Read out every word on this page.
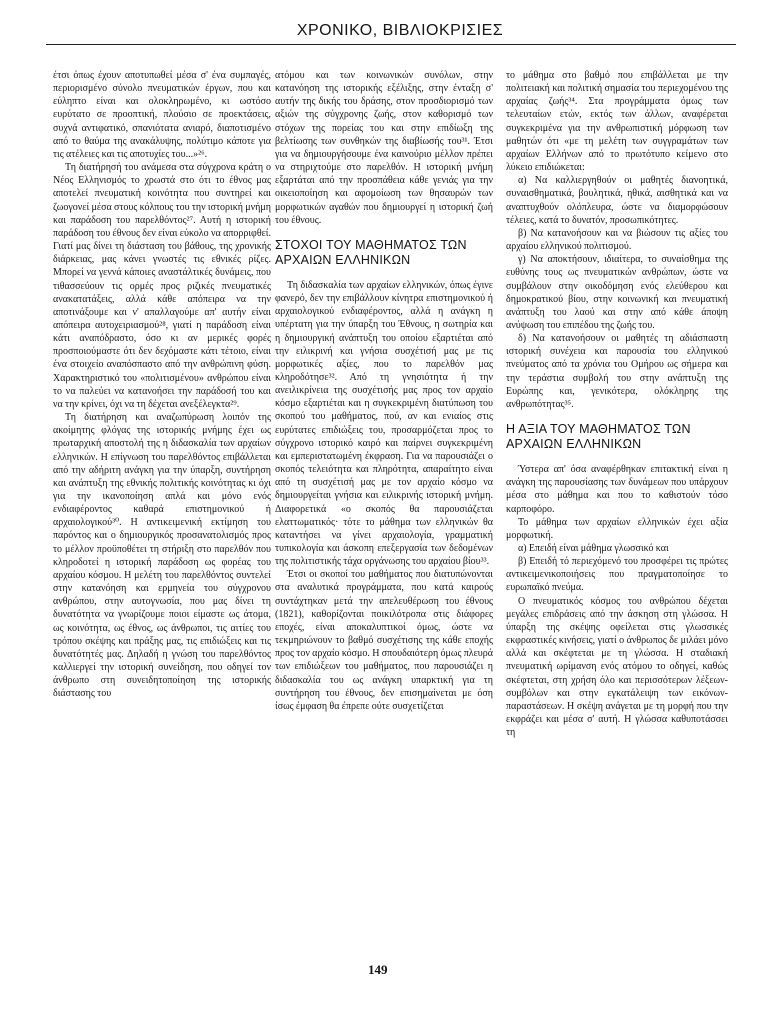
ΧΡΟΝΙΚΟ, ΒΙΒΛΙΟΚΡΙΣΙΕΣ

έτσι όπως έχουν αποτυπωθεί μέσα σ' ένα συμπαγές, περιορισμένο σύνολο πνευματικών έργων, που και εύληπτο είναι και ολοκληρωμένο, κι ωστόσο ευρύτατο σε προοπτική, πλούσιο σε προεκτάσεις, συχνά αντιφατικό, σπανιότατα ανιαρό, διαποτισμένο από το θαύμα της ανακάλυψης, πολύτιμο κάποτε για τις ατέλειες και τις αποτυχίες του...»²⁶.

Τη διατήρησή του ανάμεσα στα σύγχρονα κράτη ο Νέος Ελληνισμός το χρωστά στο ότι το έθνος μας αποτελεί πνευματική κοινότητα που συντηρεί και ζωογονεί μέσα στους κόλπους του την ιστορική μνήμη και παράδοση του παρελθόντος²⁷. Αυτή η ιστορική παράδοση του έθνους δεν είναι εύκολο να απορριφθεί. Γιατί μας δίνει τη διάσταση του βάθους, της χρονικής διάρκειας, μας κάνει γνωστές τις εθνικές ρίζες. Μπορεί να γεννά κάποιες αναστάλτικές δυνάμεις, που τιθασσεύουν τις ορμές προς ριζικές πνευματικές ανακατατάξεις, αλλά κάθε απόπειρα να την αποτινάξουμε και ν' απαλλαγούμε απ' αυτήν είναι απόπειρα αυτοχειριασμού²⁸, γιατί η παράδοση είναι κάτι αναπόδραστο, όσο κι αν μερικές φορές προσποιούμαστε ότι δεν δεχόμαστε κάτι τέτοιο, είναι ένα στοιχείο αναπόσπαστο από την ανθρώπινη φύση. Χαρακτηριστικό του «πολιτισμένου» ανθρώπου είναι το να παλεύει να κατανοήσει την παράδοσή του και να την κρίνει, όχι να τη δέχεται ανεξέλεγκτα²⁹.

Τη διατήρηση και αναζωπύρωση λοιπόν της ακοίμητης φλόγας της ιστορικής μνήμης έχει ως πρωταρχική αποστολή της η διδασκαλία των αρχαίων ελληνικών. Η επίγνωση του παρελθόντος επιβάλλεται από την αδήριτη ανάγκη για την ύπαρξη, συντήρηση και ανάπτυξη της εθνικής πολιτικής κοινότητας κι όχι για την ικανοποίηση απλά και μόνο ενός ενδιαφέροντος καθαρά επιστημονικού ή αρχαιολογικού³⁰. Η αντικειμενική εκτίμηση του παρόντος και ο δημιουργικός προσανατολισμός προς το μέλλον προϋποθέτει τη στήριξη στο παρελθόν που κληροδοτεί η ιστορική παράδοση ως φορέας του αρχαίου κόσμου. Η μελέτη του παρελθόντος συντελεί στην κατανόηση και ερμηνεία του σύγχρονου ανθρώπου, στην αυτογνωσία, που μας δίνει τη δυνατότητα να γνωρίζουμε ποιοι είμαστε ως άτομα, ως κοινότητα, ως έθνος, ως άνθρωποι, τις αιτίες του τρόπου σκέψης και πράξης μας, τις επιδιώξεις και τις δυνατότητές μας. Δηλαδή η γνώση του παρελθόντος καλλιεργεί την ιστορική συνείδηση, που οδηγεί τον άνθρωπο στη συνειδητοποίηση της ιστορικής διάστασης του

ατόμου και των κοινωνικών συνόλων, στην κατανόηση της ιστορικής εξέλιξης, στην ένταξη σ' αυτήν της δικής του δράσης, στον προσδιορισμό των αξιών της σύγχρονης ζωής, στον καθορισμό των στόχων της πορείας του και στην επιδίωξη της βελτίωσης των συνθηκών της διαβίωσής του³¹. Έτσι για να δημιουργήσουμε ένα καινούριο μέλλον πρέπει να στηριχτούμε στο παρελθόν. Η ιστορική μνήμη εξαρτάται από την προσπάθεια κάθε γενιάς για την οικειοποίηση και αφομοίωση των θησαυρών των μορφωτικών αγαθών που δημιουργεί η ιστορική ζωή του έθνους.

ΣΤΟΧΟΙ ΤΟΥ ΜΑΘΗΜΑΤΟΣ ΤΩΝ ΑΡΧΑΙΩΝ ΕΛΛΗΝΙΚΩΝ

Τη διδασκαλία των αρχαίων ελληνικών, όπως έγινε φανερό, δεν την επιβάλλουν κίνητρα επιστημονικού ή αρχαιολογικού ενδιαφέροντος, αλλά η ανάγκη η υπέρτατη για την ύπαρξη του Έθνους, η σωτηρία και η δημιουργική ανάπτυξη του οποίου εξαρτιέται από την ειλικρινή και γνήσια συσχέτισή μας με τις μορφωτικές αξίες, που το παρελθόν μας κληροδότησε³². Από τη γνησιότητα ή την ανειλικρίνεια της συσχέτισής μας προς τον αρχαίο κόσμο εξαρτιέται και η συγκεκριμένη διατύπωση του σκοπού του μαθήματος, πού, αν και ενιαίος στις ευρύτατες επιδιώξεις του, προσαρμόζεται προς το σύγχρονο ιστορικό καιρό και παίρνει συγκεκριμένη και εμπεριστατωμένη έκφραση. Για να παρουσιάζει ο σκοπός τελειότητα και πληρότητα, απαραίτητο είναι από τη συσχέτισή μας με τον αρχαίο κόσμο να δημιουργείται γνήσια και ειλικρινής ιστορική μνήμη. Διαφορετικά «ο σκοπός θα παρουσιάζεται ελαττωματικός· τότε το μάθημα των ελληνικών θα καταντήσει να γίνει αρχαιολογία, γραμματική τυπικολογία και άσκοπη επεξεργασία των δεδομένων της πολιτιστικής τάχα οργάνωσης του αρχαίου βίου³³.

Έτσι οι σκοποί του μαθήματος που διατυπώνονται στα αναλυτικά προγράμματα, που κατά καιρούς συντάχτηκαν μετά την απελευθέρωση του έθνους (1821), καθορίζονται ποικιλότροπα στις διάφορες εποχές, είναι αποκαλυπτικοί όμως, ώστε να τεκμηριώνουν το βαθμό συσχέτισης της κάθε εποχής προς τον αρχαίο κόσμο. Η σπουδαιότερη όμως πλευρά των επιδιώξεων του μαθήματος, που παρουσιάζει η διδασκαλία του ως ανάγκη υπαρκτική για τη συντήρηση του έθνους, δεν επισημαίνεται με όση ίσως έμφαση θα έπρεπε ούτε συσχετίζεται

το μάθημα στο βαθμό που επιβάλλεται με την πολιτειακή και πολιτική σημασία του περιεχομένου της αρχαίας ζωής³⁴. Στα προγράμματα όμως των τελευταίων ετών, εκτός των άλλων, αναφέρεται συγκεκριμένα για την ανθρωπιστική μόρφωση των μαθητών ότι «με τη μελέτη των συγγραμάτων των αρχαίων Ελλήνων από το πρωτότυπο κείμενο στο λύκειο επιδιώκεται:

α) Να καλλιεργηθούν οι μαθητές διανοητικά, συναισθηματικά, βουλητικά, ηθικά, αισθητικά και να αναπτυχθούν ολόπλευρα, ώστε να διαμορφώσουν τέλειες, κατά το δυνατόν, προσωπικότητες.

β) Να κατανοήσουν και να βιώσουν τις αξίες του αρχαίου ελληνικού πολιτισμού.

γ) Να αποκτήσουν, ιδιαίτερα, το συναίσθημα της ευθύνης τους ως πνευματικών ανθρώπων, ώστε να συμβάλουν στην οικοδόμηση ενός ελεύθερου και δημοκρατικού βίου, στην κοινωνική και πνευματική ανάπτυξη του λαού και στην από κάθε άποψη ανύψωση του επιπέδου της ζωής του.

δ) Να κατανοήσουν οι μαθητές τη αδιάσπαστη ιστορική συνέχεια και παρουσία του ελληνικού πνεύματος από τα χρόνια του Ομήρου ως σήμερα και την τεράστια συμβολή του στην ανάπτυξη της Ευρώπης και, γενικότερα, ολόκληρης της ανθρωπότητας³⁵.

Η ΑΞΙΑ ΤΟΥ ΜΑΘΗΜΑΤΟΣ ΤΩΝ ΑΡΧΑΙΩΝ ΕΛΛΗΝΙΚΩΝ

Ύστερα απ' όσα αναφέρθηκαν επιτακτική είναι η ανάγκη της παρουσίασης των δυνάμεων που υπάρχουν μέσα στο μάθημα και που το καθιστούν τόσο καρποφόρο.

Το μάθημα των αρχαίων ελληνικών έχει αξία μορφωτική.

α) Επειδή είναι μάθημα γλωσσικό και

β) Επειδή τό περιεχόμενό του προσφέρει τις πρώτες αντικειμενικοποιήσεις που πραγματοποίησε το ευρωπαϊκό πνεύμα.

Ο πνευματικός κόσμος του ανθρώπου δέχεται μεγάλες επιδράσεις από την άσκηση στη γλώσσα. Η ύπαρξη της σκέψης οφείλεται στις γλωσσικές εκφραστικές κινήσεις, γιατί ο άνθρωπος δε μιλάει μόνο αλλά και σκέφτεται με τη γλώσσα. Η σταδιακή πνευματική ωρίμανση ενός ατόμου το οδηγεί, καθώς σκέφτεται, στη χρήση όλο και περισσότερων λέξεων-συμβόλων και στην εγκατάλειψη των εικόνων-παραστάσεων. Η σκέψη ανάγεται με τη μορφή που την εκφράζει και μέσα σ' αυτή. Η γλώσσα καθυποτάσσει τη

149
